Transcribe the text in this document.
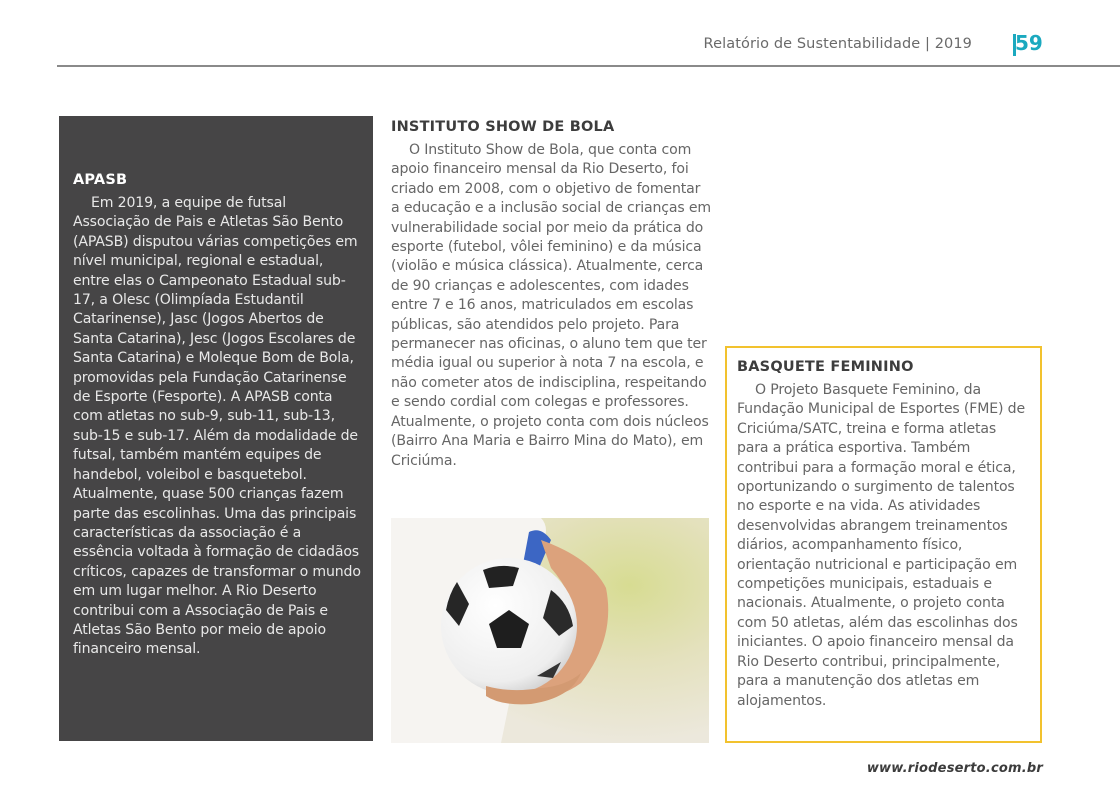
Relatório de Sustentabilidade | 2019 59
APASB

Em 2019, a equipe de futsal Associação de Pais e Atletas São Bento (APASB) disputou várias competições em nível municipal, regional e estadual, entre elas o Campeonato Estadual sub-17, a Olesc (Olimpíada Estudantil Catarinense), Jasc (Jogos Abertos de Santa Catarina), Jesc (Jogos Escolares de Santa Catarina) e Moleque Bom de Bola, promovidas pela Fundação Catarinense de Esporte (Fesporte). A APASB conta com atletas no sub-9, sub-11, sub-13, sub-15 e sub-17. Além da modalidade de futsal, também mantém equipes de handebol, voleibol e basquetebol. Atualmente, quase 500 crianças fazem parte das escolinhas. Uma das principais características da associação é a essência voltada à formação de cidadãos críticos, capazes de transformar o mundo em um lugar melhor. A Rio Deserto contribui com a Associação de Pais e Atletas São Bento por meio de apoio financeiro mensal.

INSTITUTO SHOW DE BOLA

O Instituto Show de Bola, que conta com apoio financeiro mensal da Rio Deserto, foi criado em 2008, com o objetivo de fomentar a educação e a inclusão social de crianças em vulnerabilidade social por meio da prática do esporte (futebol, vôlei feminino) e da música (violão e música clássica). Atualmente, cerca de 90 crianças e adolescentes, com idades entre 7 e 16 anos, matriculados em escolas públicas, são atendidos pelo projeto. Para permanecer nas oficinas, o aluno tem que ter média igual ou superior à nota 7 na escola, e não cometer atos de indisciplina, respeitando e sendo cordial com colegas e professores. Atualmente, o projeto conta com dois núcleos (Bairro Ana Maria e Bairro Mina do Mato), em Criciúma.

BASQUETE FEMININO

O Projeto Basquete Feminino, da Fundação Municipal de Esportes (FME) de Criciúma/SATC, treina e forma atletas para a prática esportiva. Também contribui para a formação moral e ética, oportunizando o surgimento de talentos no esporte e na vida. As atividades desenvolvidas abrangem treinamentos diários, acompanhamento físico, orientação nutricional e participação em competições municipais, estaduais e nacionais. Atualmente, o projeto conta com 50 atletas, além das escolinhas dos iniciantes. O apoio financeiro mensal da Rio Deserto contribui, principalmente, para a manutenção dos atletas em alojamentos.

www.riodeserto.com.br
